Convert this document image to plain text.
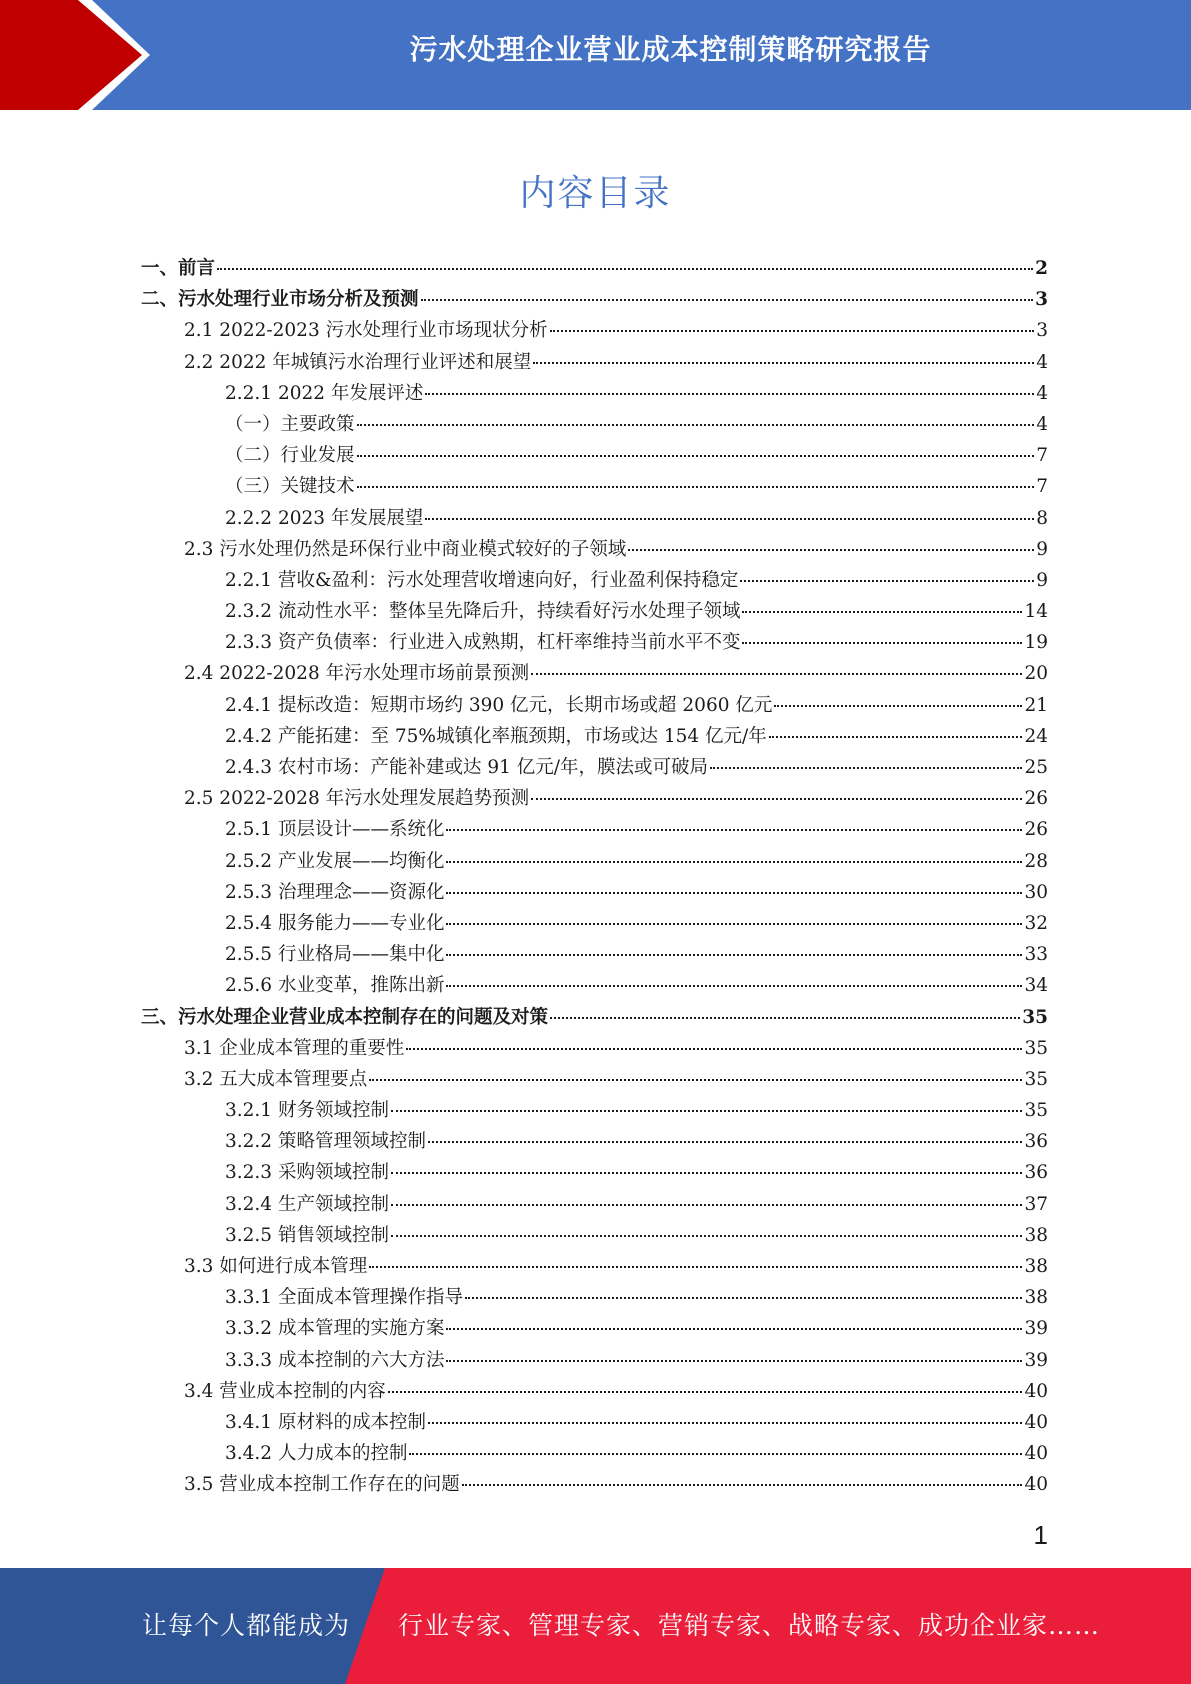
污水处理企业营业成本控制策略研究报告
内容目录
一、前言	2
二、污水处理行业市场分析及预测	3
2.1 2022-2023 污水处理行业市场现状分析	3
2.2 2022 年城镇污水治理行业评述和展望	4
2.2.1 2022 年发展评述	4
（一）主要政策	4
（二）行业发展	7
（三）关键技术	7
2.2.2 2023 年发展展望	8
2.3 污水处理仍然是环保行业中商业模式较好的子领域	9
2.2.1 营收&盈利：污水处理营收增速向好，行业盈利保持稳定	9
2.3.2 流动性水平：整体呈先降后升，持续看好污水处理子领域	14
2.3.3 资产负债率：行业进入成熟期，杠杆率维持当前水平不变	19
2.4 2022-2028 年污水处理市场前景预测	20
2.4.1 提标改造：短期市场约 390 亿元，长期市场或超 2060 亿元	21
2.4.2 产能拓建：至 75%城镇化率瓶颈期，市场或达 154 亿元/年	24
2.4.3 农村市场：产能补建或达 91 亿元/年，膜法或可破局	25
2.5 2022-2028 年污水处理发展趋势预测	26
2.5.1 顶层设计——系统化	26
2.5.2 产业发展——均衡化	28
2.5.3 治理理念——资源化	30
2.5.4 服务能力——专业化	32
2.5.5 行业格局——集中化	33
2.5.6 水业变革，推陈出新	34
三、污水处理企业营业成本控制存在的问题及对策	35
3.1 企业成本管理的重要性	35
3.2 五大成本管理要点	35
3.2.1 财务领域控制	35
3.2.2 策略管理领域控制	36
3.2.3 采购领域控制	36
3.2.4 生产领域控制	37
3.2.5 销售领域控制	38
3.3 如何进行成本管理	38
3.3.1 全面成本管理操作指导	38
3.3.2 成本管理的实施方案	39
3.3.3 成本控制的六大方法	39
3.4 营业成本控制的内容	40
3.4.1 原材料的成本控制	40
3.4.2 人力成本的控制	40
3.5 营业成本控制工作存在的问题	40
1
让每个人都能成为 行业专家、管理专家、营销专家、战略专家、成功企业家……
